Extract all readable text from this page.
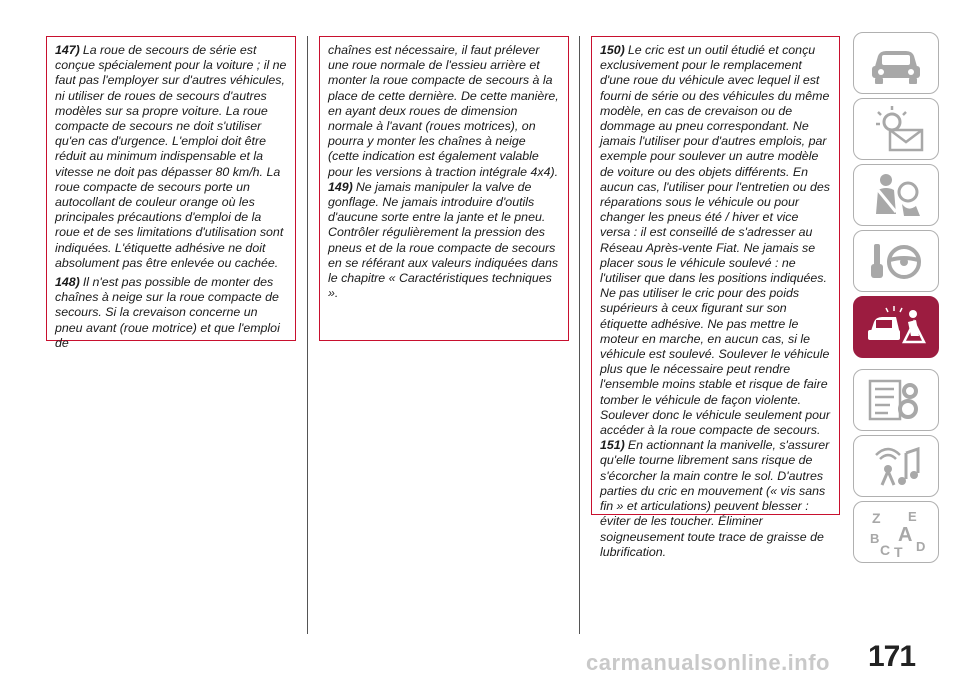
147) La roue de secours de série est conçue spécialement pour la voiture ; il ne faut pas l'employer sur d'autres véhicules, ni utiliser de roues de secours d'autres modèles sur sa propre voiture. La roue compacte de secours ne doit s'utiliser qu'en cas d'urgence. L'emploi doit être réduit au minimum indispensable et la vitesse ne doit pas dépasser 80 km/h. La roue compacte de secours porte un autocollant de couleur orange où les principales précautions d'emploi de la roue et de ses limitations d'utilisation sont indiquées. L'étiquette adhésive ne doit absolument pas être enlevée ou cachée.

148) Il n'est pas possible de monter des chaînes à neige sur la roue compacte de secours. Si la crevaison concerne un pneu avant (roue motrice) et que l'emploi de

chaînes est nécessaire, il faut prélever une roue normale de l'essieu arrière et monter la roue compacte de secours à la place de cette dernière. De cette manière, en ayant deux roues de dimension normale à l'avant (roues motrices), on pourra y monter les chaînes à neige (cette indication est également valable pour les versions à traction intégrale 4x4).

149) Ne jamais manipuler la valve de gonflage. Ne jamais introduire d'outils d'aucune sorte entre la jante et le pneu. Contrôler régulièrement la pression des pneus et de la roue compacte de secours en se référant aux valeurs indiquées dans le chapitre « Caractéristiques techniques ».

150) Le cric est un outil étudié et conçu exclusivement pour le remplacement d'une roue du véhicule avec lequel il est fourni de série ou des véhicules du même modèle, en cas de crevaison ou de dommage au pneu correspondant. Ne jamais l'utiliser pour d'autres emplois, par exemple pour soulever un autre modèle de voiture ou des objets différents. En aucun cas, l'utiliser pour l'entretien ou des réparations sous le véhicule ou pour changer les pneus été / hiver et vice versa : il est conseillé de s'adresser au Réseau Après-vente Fiat. Ne jamais se placer sous le véhicule soulevé : ne l'utiliser que dans les positions indiquées. Ne pas utiliser le cric pour des poids supérieurs à ceux figurant sur son étiquette adhésive. Ne pas mettre le moteur en marche, en aucun cas, si le véhicule est soulevé. Soulever le véhicule plus que le nécessaire peut rendre l'ensemble moins stable et risque de faire tomber le véhicule de façon violente. Soulever donc le véhicule seulement pour accéder à la roue compacte de secours.

151) En actionnant la manivelle, s'assurer qu'elle tourne librement sans risque de s'écorcher la main contre le sol. D'autres parties du cric en mouvement (« vis sans fin » et articulations) peuvent blesser : éviter de les toucher. Éliminer soigneusement toute trace de graisse de lubrification.

Z E
B A
C T D
carmanualsonline.info 171
